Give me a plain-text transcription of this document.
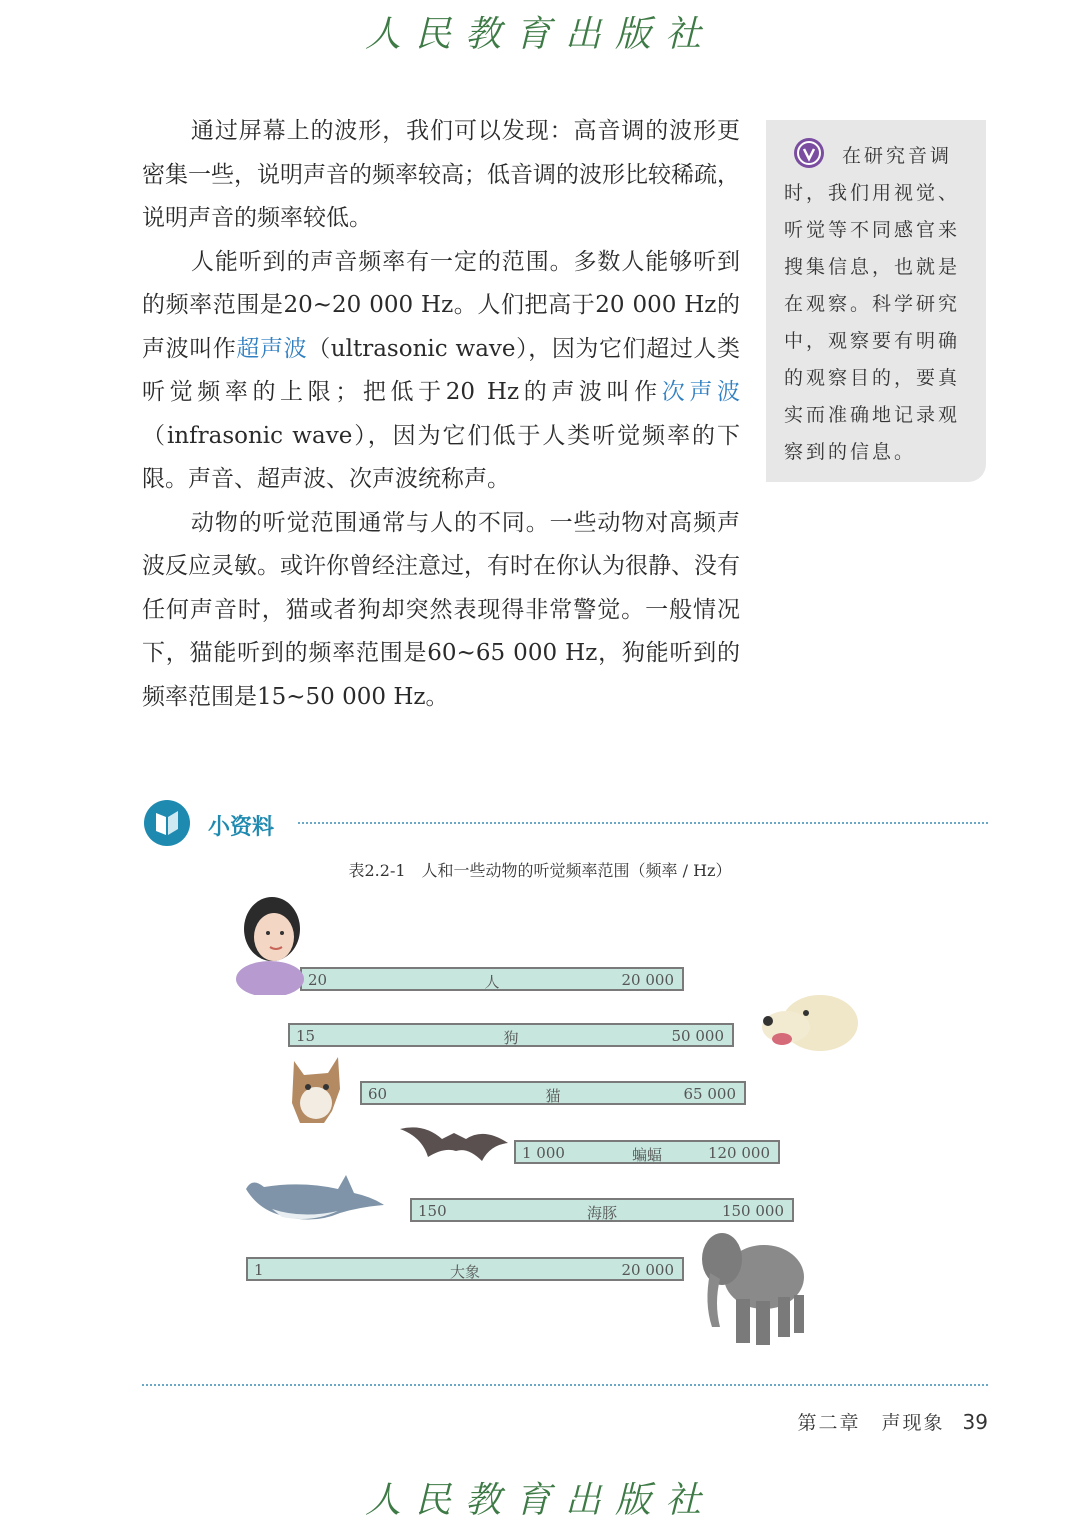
人民教育出版社

通过屏幕上的波形，我们可以发现：高音调的波形更密集一些，说明声音的频率较高；低音调的波形比较稀疏，说明声音的频率较低。

人能听到的声音频率有一定的范围。多数人能够听到的频率范围是20~20 000 Hz。人们把高于20 000 Hz的声波叫作超声波（ultrasonic wave），因为它们超过人类听觉频率的上限；把低于20 Hz的声波叫作次声波（infrasonic wave），因为它们低于人类听觉频率的下限。声音、超声波、次声波统称声。

动物的听觉范围通常与人的不同。一些动物对高频声波反应灵敏。或许你曾经注意过，有时在你认为很静、没有任何声音时，猫或者狗却突然表现得非常警觉。一般情况下，猫能听到的频率范围是60~65 000 Hz，狗能听到的频率范围是15~50 000 Hz。

在研究音调时，我们用视觉、听觉等不同感官来搜集信息，也就是在观察。科学研究中，观察要有明确的观察目的，要真实而准确地记录观察到的信息。

小资料
表2.2-1　人和一些动物的听觉频率范围（频率 / Hz）
20	人	20 000
15	狗	50 000
60	猫	65 000
1 000	蝙蝠	120 000
150	海豚	150 000
1	大象	20 000
第二章　声现象 39
人民教育出版社
